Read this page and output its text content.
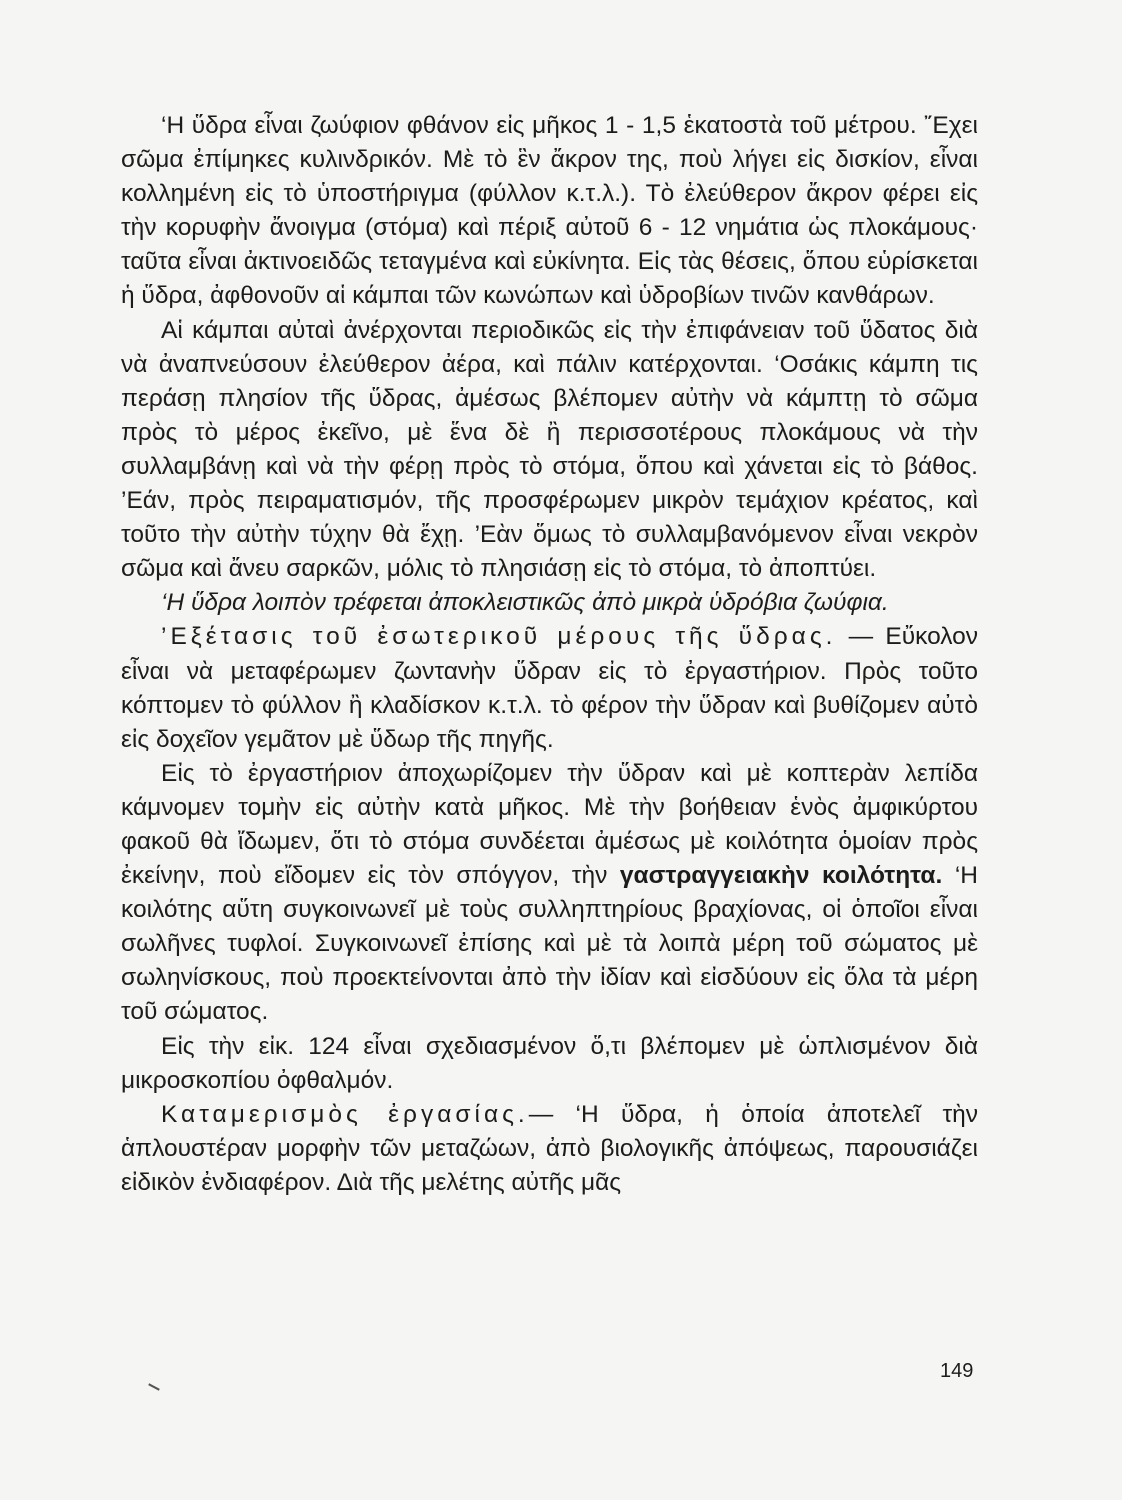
‘Η ὕδρα εἶναι ζωύφιον φθάνον εἰς μῆκος 1 - 1,5 ἑκατοστὰ τοῦ μέτρου. ῎Εχει σῶμα ἐπίμηκες κυλινδρικόν. Μὲ τὸ ἓν ἄκρον της, ποὺ λήγει εἰς δισκίον, εἶναι κολλημένη εἰς τὸ ὑποστήριγμα (φύλλον κ.τ.λ.). Τὸ ἐλεύθερον ἄκρον φέρει εἰς τὴν κορυφὴν ἄνοιγμα (στόμα) καὶ πέριξ αὐτοῦ 6 - 12 νημάτια ὡς πλοκάμους· ταῦτα εἶναι ἀκτινοειδῶς τεταγμένα καὶ εὐκίνητα. Εἰς τὰς θέσεις, ὅπου εὑρίσκεται ἡ ὕδρα, ἀφθονοῦν αἱ κάμπαι τῶν κωνώπων καὶ ὑδροβίων τινῶν κανθάρων.

Αἱ κάμπαι αὐταὶ ἀνέρχονται περιοδικῶς εἰς τὴν ἐπιφάνειαν τοῦ ὕδατος διὰ νὰ ἀναπνεύσουν ἐλεύθερον ἀέρα, καὶ πάλιν κατέρχονται. ‘Οσάκις κάμπη τις περάσῃ πλησίον τῆς ὕδρας, ἀμέσως βλέπομεν αὐτὴν νὰ κάμπτῃ τὸ σῶμα πρὸς τὸ μέρος ἐκεῖνο, μὲ ἕνα δὲ ἢ περισσοτέρους πλοκάμους νὰ τὴν συλλαμβάνῃ καὶ νὰ τὴν φέρῃ πρὸς τὸ στόμα, ὅπου καὶ χάνεται εἰς τὸ βάθος. ’Εάν, πρὸς πειραματισμόν, τῆς προσφέρωμεν μικρὸν τεμάχιον κρέατος, καὶ τοῦτο τὴν αὐτὴν τύχην θὰ ἔχῃ. ’Εὰν ὅμως τὸ συλλαμβανόμενον εἶναι νεκρὸν σῶμα καὶ ἄνευ σαρκῶν, μόλις τὸ πλησιάσῃ εἰς τὸ στόμα, τὸ ἀποπτύει.

‘Η ὕδρα λοιπὸν τρέφεται ἀποκλειστικῶς ἀπὸ μικρὰ ὑδρόβια ζωύφια.

’Εξέτασις τοῦ ἐσωτερικοῦ μέρους τῆς ὕδρας. — Εὔκολον εἶναι νὰ μεταφέρωμεν ζωντανὴν ὕδραν εἰς τὸ ἐργαστήριον. Πρὸς τοῦτο κόπτομεν τὸ φύλλον ἢ κλαδίσκον κ.τ.λ. τὸ φέρον τὴν ὕδραν καὶ βυθίζομεν αὐτὸ εἰς δοχεῖον γεμᾶτον μὲ ὕδωρ τῆς πηγῆς.

Εἰς τὸ ἐργαστήριον ἀποχωρίζομεν τὴν ὕδραν καὶ μὲ κοπτερὰν λεπίδα κάμνομεν τομὴν εἰς αὐτὴν κατὰ μῆκος. Μὲ τὴν βοήθειαν ἑνὸς ἀμφικύρτου φακοῦ θὰ ἴδωμεν, ὅτι τὸ στόμα συνδέεται ἀμέσως μὲ κοιλότητα ὁμοίαν πρὸς ἐκείνην, ποὺ εἴδομεν εἰς τὸν σπόγγον, τὴν γαστραγγειακὴν κοιλότητα. ‘Η κοιλότης αὕτη συγκοινωνεῖ μὲ τοὺς συλληπτηρίους βραχίονας, οἱ ὁποῖοι εἶναι σωλῆνες τυφλοί. Συγκοινωνεῖ ἐπίσης καὶ μὲ τὰ λοιπὰ μέρη τοῦ σώματος μὲ σωληνίσκους, ποὺ προεκτείνονται ἀπὸ τὴν ἰδίαν καὶ εἰσδύουν εἰς ὅλα τὰ μέρη τοῦ σώματος.

Εἰς τὴν εἰκ. 124 εἶναι σχεδιασμένον ὅ,τι βλέπομεν μὲ ὡπλισμένον διὰ μικροσκοπίου ὀφθαλμόν.

Καταμερισμὸς ἐργασίας.— ‘Η ὕδρα, ἡ ὁποία ἀποτελεῖ τὴν ἁπλουστέραν μορφὴν τῶν μεταζώων, ἀπὸ βιολογικῆς ἀπόψεως, παρουσιάζει εἰδικὸν ἐνδιαφέρον. Διὰ τῆς μελέτης αὐτῆς μᾶς

149
